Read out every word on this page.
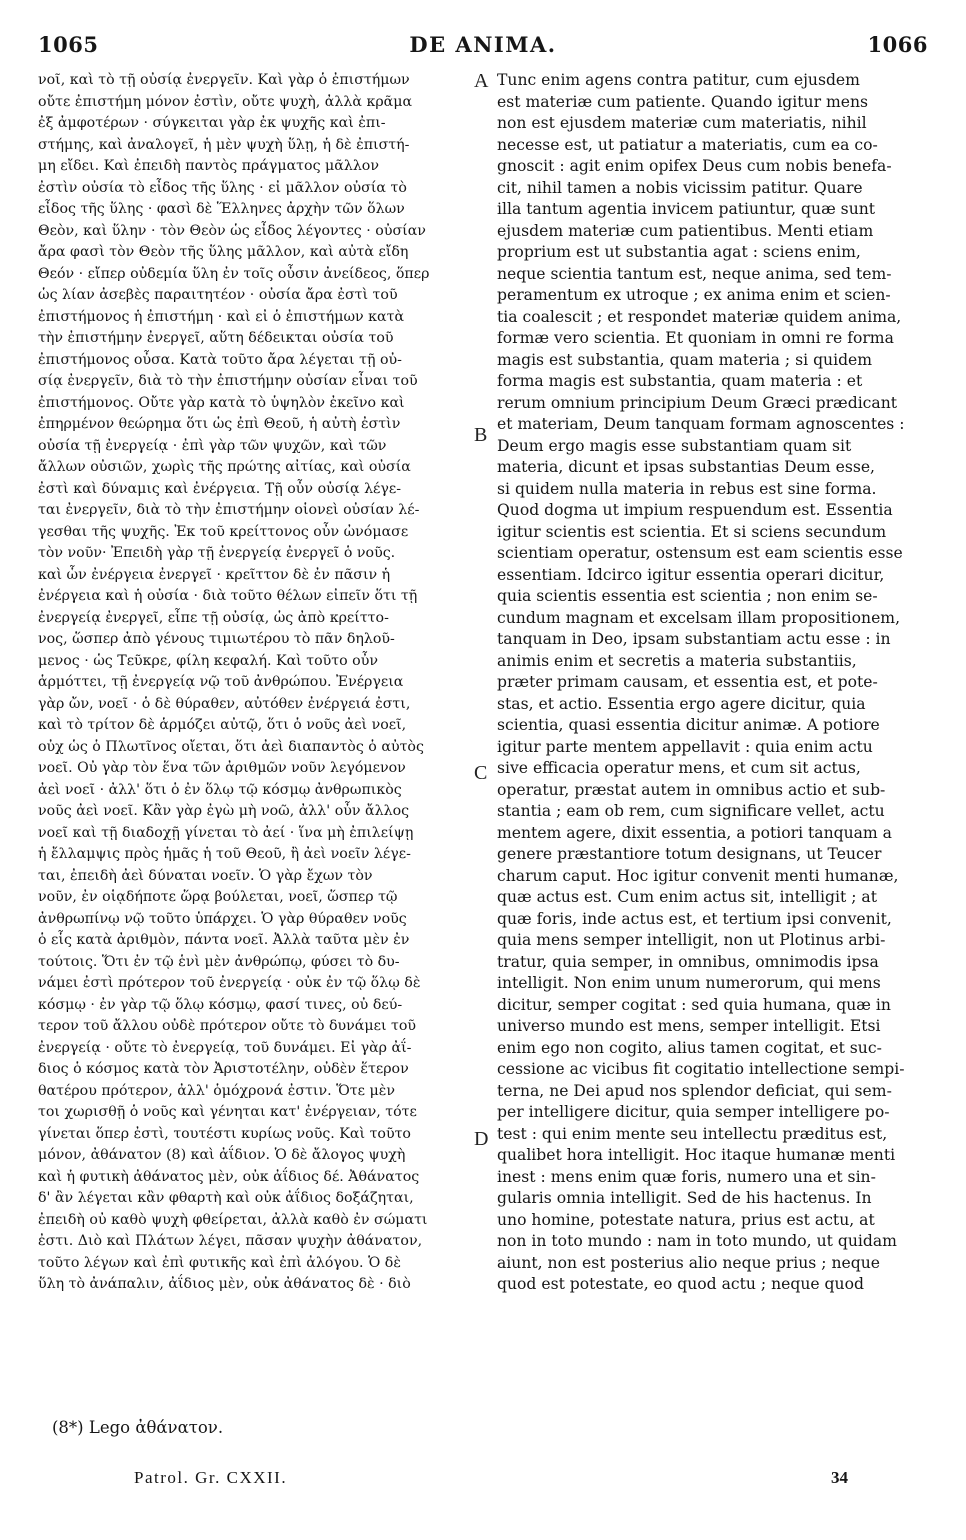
1065	DE ANIMA.	1066
νοῖ, καὶ τὸ τῇ οὐσίᾳ ἐνεργεῖν. Καὶ γὰρ ὁ ἐπιστήμων
οὔτε ἐπιστήμη μόνον ἐστὶν, οὔτε ψυχὴ, ἀλλὰ κρᾶμα
ἐξ ἀμφοτέρων · σύγκειται γὰρ ἐκ ψυχῆς καὶ ἐπι-
στήμης, καὶ ἀναλογεῖ, ἡ μὲν ψυχὴ ὕλῃ, ἡ δὲ ἐπιστή-
μη εἴδει. Καὶ ἐπειδὴ παντὸς πράγματος μᾶλλον
ἐστὶν οὐσία τὸ εἶδος τῆς ὕλης · εἰ μᾶλλον οὐσία τὸ
εἶδος τῆς ὕλης · φασὶ δὲ Ἕλληνες ἀρχὴν τῶν ὅλων
Θεὸν, καὶ ὕλην · τὸν Θεὸν ὡς εἶδος λέγοντες · οὐσίαν
ἄρα φασὶ τὸν Θεὸν τῆς ὕλης μᾶλλον, καὶ αὐτὰ εἴδη
Θεόν · εἴπερ οὐδεμία ὕλη ἐν τοῖς οὖσιν ἀνείδεος, ὅπερ
ὡς λίαν ἀσεβὲς παραιτητέον · οὐσία ἄρα ἐστὶ τοῦ
ἐπιστήμονος ἡ ἐπιστήμη · καὶ εἰ ὁ ἐπιστήμων κατὰ
τὴν ἐπιστήμην ἐνεργεῖ, αὕτη δέδεικται οὐσία τοῦ
ἐπιστήμονος οὖσα. Κατὰ τοῦτο ἄρα λέγεται τῇ οὐ-
σίᾳ ἐνεργεῖν, διὰ τὸ τὴν ἐπιστήμην οὐσίαν εἶναι τοῦ
ἐπιστήμονος. Οὔτε γὰρ κατὰ τὸ ὑψηλὸν ἐκεῖνο καὶ
ἐπηρμένον θεώρημα ὅτι ὡς ἐπὶ Θεοῦ, ἡ αὐτὴ ἐστὶν
οὐσία τῇ ἐνεργείᾳ · ἐπὶ γὰρ τῶν ψυχῶν, καὶ τῶν
ἄλλων οὐσιῶν, χωρὶς τῆς πρώτης αἰτίας, καὶ οὐσία
ἐστὶ καὶ δύναμις καὶ ἐνέργεια. Τῇ οὖν οὐσίᾳ λέγε-
ται ἐνεργεῖν, διὰ τὸ τὴν ἐπιστήμην οἱονεὶ οὐσίαν λέ-
γεσθαι τῆς ψυχῆς. Ἐκ τοῦ κρείττονος οὖν ὠνόμασε
τὸν νοῦν· Ἐπειδὴ γὰρ τῇ ἐνεργείᾳ ἐνεργεῖ ὁ νοῦς.
καὶ ὧν ἐνέργεια ἐνεργεῖ · κρεῖττον δὲ ἐν πᾶσιν ἡ
ἐνέργεια καὶ ἡ οὐσία · διὰ τοῦτο θέλων εἰπεῖν ὅτι τῇ
ἐνεργείᾳ ἐνεργεῖ, εἶπε τῇ οὐσίᾳ, ὡς ἀπὸ κρείττο-
νος, ὥσπερ ἀπὸ γένους τιμιωτέρου τὸ πᾶν δηλοῦ-
μενος · ὡς Τεῦκρε, φίλη κεφαλή. Καὶ τοῦτο οὖν
ἁρμόττει, τῇ ἐνεργείᾳ νῷ τοῦ ἀνθρώπου. Ἐνέργεια
γὰρ ὤν, νοεῖ · ὁ δὲ θύραθεν, αὐτόθεν ἐνέργειά ἐστι,
καὶ τὸ τρίτον δὲ ἁρμόζει αὐτῷ, ὅτι ὁ νοῦς ἀεὶ νοεῖ,
οὐχ ὡς ὁ Πλωτῖνος οἴεται, ὅτι ἀεὶ διαπαντὸς ὁ αὐτὸς
νοεῖ. Οὐ γὰρ τὸν ἕνα τῶν ἀριθμῶν νοῦν λεγόμενον
ἀεὶ νοεῖ · ἀλλ' ὅτι ὁ ἐν ὅλῳ τῷ κόσμῳ ἀνθρωπικὸς
νοῦς ἀεὶ νοεῖ. Κἂν γὰρ ἐγὼ μὴ νοῶ, ἀλλ' οὖν ἄλλος
νοεῖ καὶ τῇ διαδοχῇ γίνεται τὸ ἀεί · ἵνα μὴ ἐπιλείψῃ
ἡ ἔλλαμψις πρὸς ἡμᾶς ἡ τοῦ Θεοῦ, ἢ ἀεὶ νοεῖν λέγε-
ται, ἐπειδὴ ἀεὶ δύναται νοεῖν. Ὁ γὰρ ἔχων τὸν
νοῦν, ἐν οἱᾳδήποτε ὥρᾳ βούλεται, νοεῖ, ὥσπερ τῷ
ἀνθρωπίνῳ νῷ τοῦτο ὑπάρχει. Ὁ γὰρ θύραθεν νοῦς
ὁ εἷς κατὰ ἀριθμὸν, πάντα νοεῖ. Ἀλλὰ ταῦτα μὲν ἐν
τούτοις. Ὅτι ἐν τῷ ἑνὶ μὲν ἀνθρώπῳ, φύσει τὸ δυ-
νάμει ἐστὶ πρότερον τοῦ ἐνεργείᾳ · οὐκ ἐν τῷ ὅλῳ δὲ
κόσμῳ · ἐν γὰρ τῷ ὅλῳ κόσμῳ, φασί τινες, οὐ δεύ-
τερον τοῦ ἄλλου οὐδὲ πρότερον οὔτε τὸ δυνάμει τοῦ
ἐνεργείᾳ · οὔτε τὸ ἐνεργείᾳ, τοῦ δυνάμει. Εἰ γὰρ ἀΐ-
διος ὁ κόσμος κατὰ τὸν Ἀριστοτέλην, οὐδὲν ἕτερον
θατέρου πρότερον, ἀλλ' ὁμόχρονά ἐστιν. Ὅτε μὲν
τοι χωρισθῇ ὁ νοῦς καὶ γένηται κατ' ἐνέργειαν, τότε
γίνεται ὅπερ ἐστὶ, τουτέστι κυρίως νοῦς. Καὶ τοῦτο
μόνον, ἀθάνατον (8) καὶ ἀΐδιον. Ὁ δὲ ἄλογος ψυχὴ
καὶ ἡ φυτικὴ ἀθάνατος μὲν, οὐκ ἀΐδιος δέ. Ἀθάνατος
δ' ἂν λέγεται κἂν φθαρτὴ καὶ οὐκ ἀΐδιος δοξάζηται,
ἐπειδὴ οὐ καθὸ ψυχὴ φθείρεται, ἀλλὰ καθὸ ἐν σώματι
ἐστι. Διὸ καὶ Πλάτων λέγει, πᾶσαν ψυχὴν ἀθάνατον,
τοῦτο λέγων καὶ ἐπὶ φυτικῆς καὶ ἐπὶ ἀλόγου. Ὁ δὲ
ὕλη τὸ ἀνάπαλιν, ἀΐδιος μὲν, οὐκ ἀθάνατος δὲ · διὸ
A
B
C
D
Tunc enim agens contra patitur, cum ejusdem
est materiæ cum patiente. Quando igitur mens
non est ejusdem materiæ cum materiatis, nihil
necesse est, ut patiatur a materiatis, cum ea co-
gnoscit : agit enim opifex Deus cum nobis benefa-
cit, nihil tamen a nobis vicissim patitur. Quare
illa tantum agentia invicem patiuntur, quæ sunt
ejusdem materiæ cum patientibus. Menti etiam
proprium est ut substantia agat : sciens enim,
neque scientia tantum est, neque anima, sed tem-
peramentum ex utroque ; ex anima enim et scien-
tia coalescit ; et respondet materiæ quidem anima,
formæ vero scientia. Et quoniam in omni re forma
magis est substantia, quam materia ; si quidem
forma magis est substantia, quam materia : et
rerum omnium principium Deum Græci prædicant
et materiam, Deum tanquam formam agnoscentes :
Deum ergo magis esse substantiam quam sit
materia, dicunt et ipsas substantias Deum esse,
si quidem nulla materia in rebus est sine forma.
Quod dogma ut impium respuendum est. Essentia
igitur scientis est scientia. Et si sciens secundum
scientiam operatur, ostensum est eam scientis esse
essentiam. Idcirco igitur essentia operari dicitur,
quia scientis essentia est scientia ; non enim se-
cundum magnam et excelsam illam propositionem,
tanquam in Deo, ipsam substantiam actu esse : in
animis enim et secretis a materia substantiis,
præter primam causam, et essentia est, et pote-
stas, et actio. Essentia ergo agere dicitur, quia
scientia, quasi essentia dicitur animæ. A potiore
igitur parte mentem appellavit : quia enim actu
sive efficacia operatur mens, et cum sit actus,
operatur, præstat autem in omnibus actio et sub-
stantia ; eam ob rem, cum significare vellet, actu
mentem agere, dixit essentia, a potiori tanquam a
genere præstantiore totum designans, ut Teucer
charum caput. Hoc igitur convenit menti humanæ,
quæ actus est. Cum enim actus sit, intelligit ; at
quæ foris, inde actus est, et tertium ipsi convenit,
quia mens semper intelligit, non ut Plotinus arbi-
tratur, quia semper, in omnibus, omnimodis ipsa
intelligit. Non enim unum numerorum, qui mens
dicitur, semper cogitat : sed quia humana, quæ in
universo mundo est mens, semper intelligit. Etsi
enim ego non cogito, alius tamen cogitat, et suc-
cessione ac vicibus fit cogitatio intellectione sempi-
terna, ne Dei apud nos splendor deficiat, qui sem-
per intelligere dicitur, quia semper intelligere po-
test : qui enim mente seu intellectu præditus est,
qualibet hora intelligit. Hoc itaque humanæ menti
inest : mens enim quæ foris, numero una et sin-
gularis omnia intelligit. Sed de his hactenus. In
uno homine, potestate natura, prius est actu, at
non in toto mundo : nam in toto mundo, ut quidam
aiunt, non est posterius alio neque prius ; neque
quod est potestate, eo quod actu ; neque quod
(8*) Lego ἀθάνατον.
Patrol. Gr. CXXII.	34
